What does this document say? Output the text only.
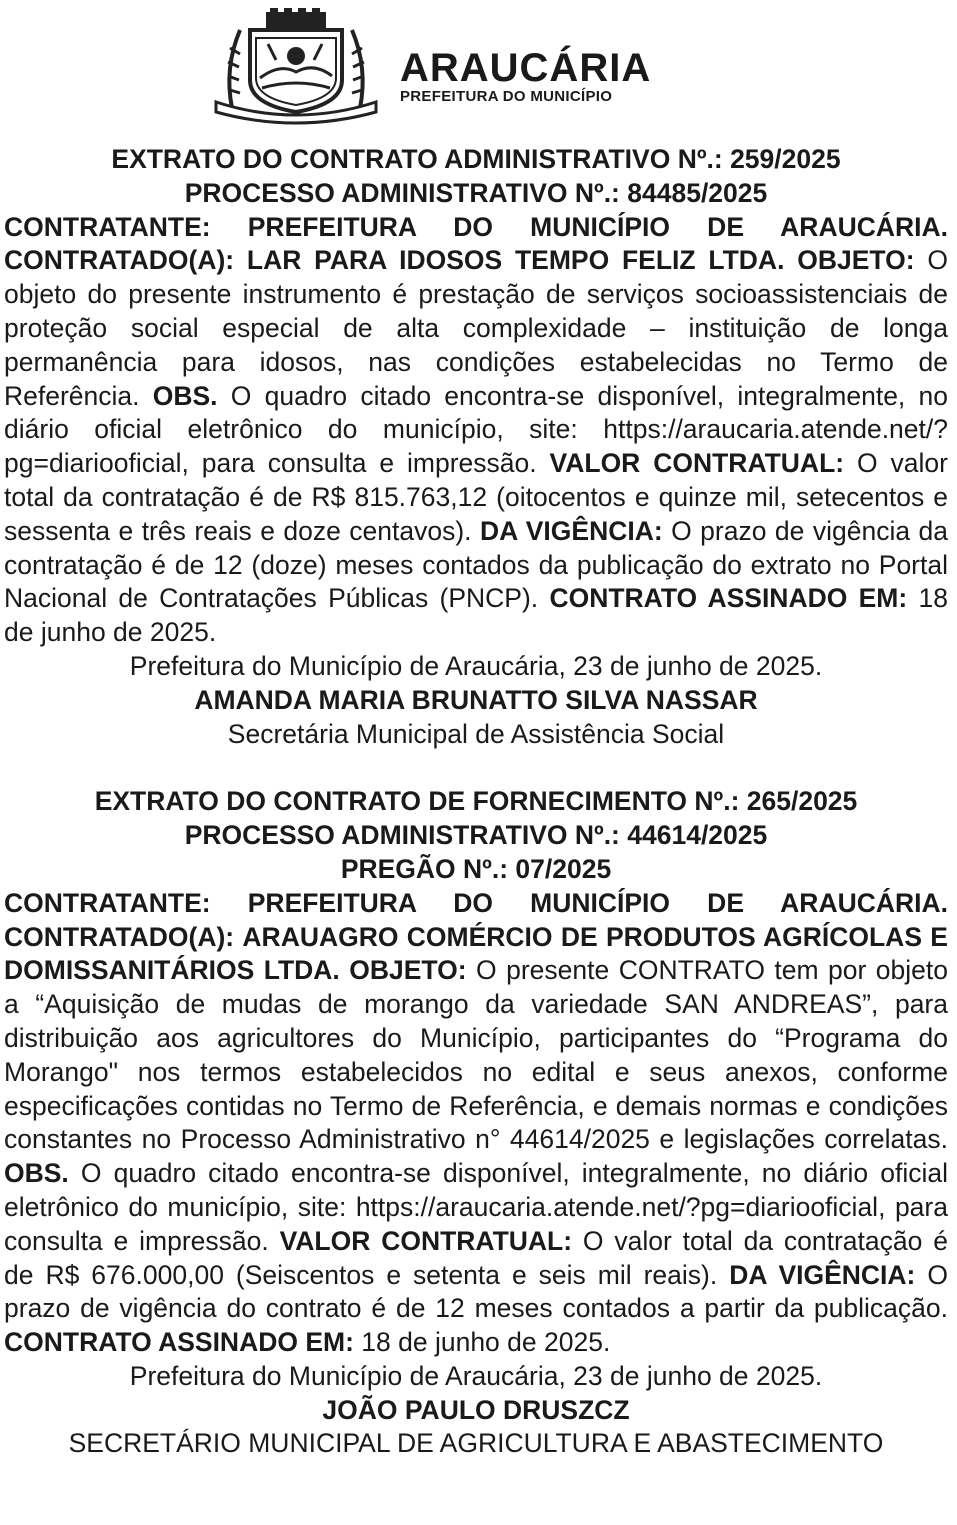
ARAUCÁRIA
PREFEITURA DO MUNICÍPIO
EXTRATO DO CONTRATO ADMINISTRATIVO Nº.: 259/2025
PROCESSO ADMINISTRATIVO Nº.: 84485/2025
CONTRATANTE: PREFEITURA DO MUNICÍPIO DE ARAUCÁRIA. CONTRATADO(A): LAR PARA IDOSOS TEMPO FELIZ LTDA. OBJETO: O objeto do presente instrumento é prestação de serviços socioassistenciais de proteção social especial de alta complexidade – instituição de longa permanência para idosos, nas condições estabelecidas no Termo de Referência. OBS. O quadro citado encontra-se disponível, integralmente, no diário oficial eletrônico do município, site: https://araucaria.atende.net/?pg=diariooficial, para consulta e impressão. VALOR CONTRATUAL: O valor total da contratação é de R$ 815.763,12 (oitocentos e quinze mil, setecentos e sessenta e três reais e doze centavos). DA VIGÊNCIA: O prazo de vigência da contratação é de 12 (doze) meses contados da publicação do extrato no Portal Nacional de Contratações Públicas (PNCP). CONTRATO ASSINADO EM: 18 de junho de 2025.
Prefeitura do Município de Araucária, 23 de junho de 2025.
AMANDA MARIA BRUNATTO SILVA NASSAR
Secretária Municipal de Assistência Social
EXTRATO DO CONTRATO DE FORNECIMENTO Nº.: 265/2025
PROCESSO ADMINISTRATIVO Nº.: 44614/2025
PREGÃO Nº.: 07/2025
CONTRATANTE: PREFEITURA DO MUNICÍPIO DE ARAUCÁRIA. CONTRATADO(A): ARAUAGRO COMÉRCIO DE PRODUTOS AGRÍCOLAS E DOMISSANITÁRIOS LTDA. OBJETO: O presente CONTRATO tem por objeto a “Aquisição de mudas de morango da variedade SAN ANDREAS”, para distribuição aos agricultores do Município, participantes do “Programa do Morango" nos termos estabelecidos no edital e seus anexos, conforme especificações contidas no Termo de Referência, e demais normas e condições constantes no Processo Administrativo n° 44614/2025 e legislações correlatas. OBS. O quadro citado encontra-se disponível, integralmente, no diário oficial eletrônico do município, site: https://araucaria.atende.net/?pg=diariooficial, para consulta e impressão. VALOR CONTRATUAL: O valor total da contratação é de R$ 676.000,00 (Seiscentos e setenta e seis mil reais). DA VIGÊNCIA: O prazo de vigência do contrato é de 12 meses contados a partir da publicação. CONTRATO ASSINADO EM: 18 de junho de 2025.
Prefeitura do Município de Araucária, 23 de junho de 2025.
JOÃO PAULO DRUSZCZ
SECRETÁRIO MUNICIPAL DE AGRICULTURA E ABASTECIMENTO
